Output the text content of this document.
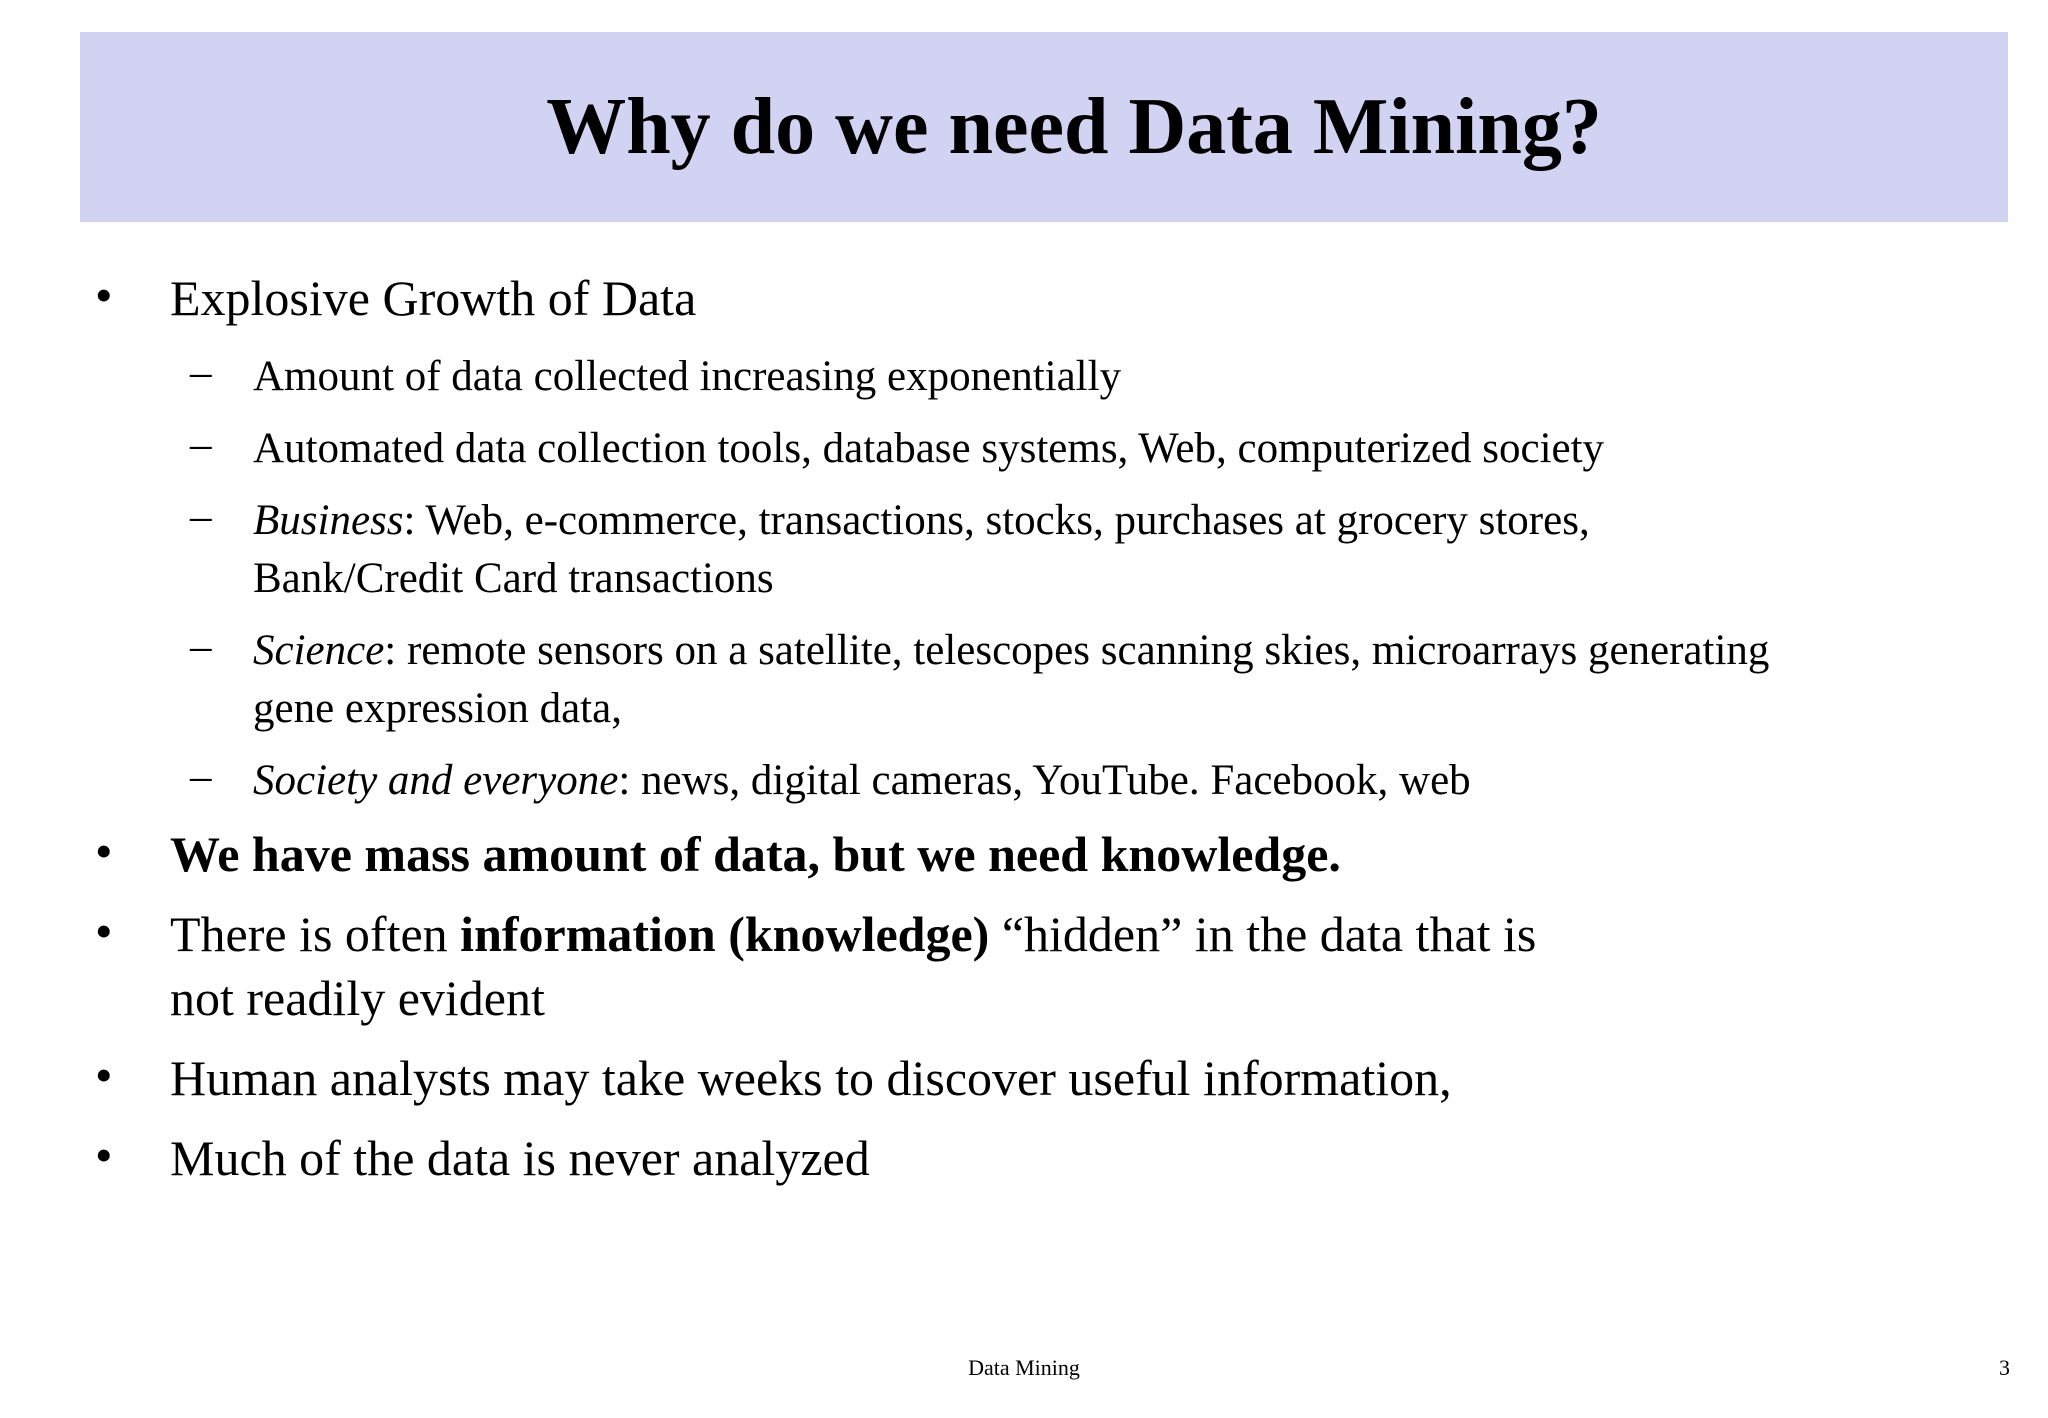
Why do we need Data Mining?
• Explosive Growth of Data
– Amount of data collected increasing exponentially
– Automated data collection tools, database systems, Web, computerized society
– Business: Web, e-commerce, transactions, stocks, purchases at grocery stores,
Bank/Credit Card transactions
– Science: remote sensors on a satellite, telescopes scanning skies, microarrays generating
gene expression data,
– Society and everyone: news, digital cameras, YouTube. Facebook, web
• We have mass amount of data, but we need knowledge.
• There is often information (knowledge) “hidden” in the data that is
not readily evident
• Human analysts may take weeks to discover useful information,
• Much of the data is never analyzed
Data Mining	3
